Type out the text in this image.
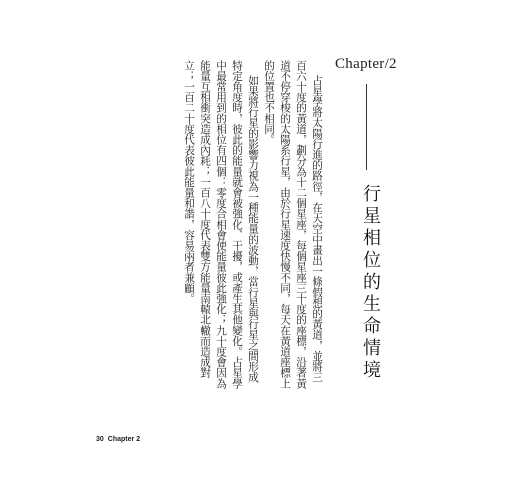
Chapter/2
行星相位的生命情境

占星學將太陽行進的路徑，在天空中畫出一條假想的黃道，並將三百六十度的黃道，劃分為十二個星座，每個星座三十度的座標，沿著黃道不停穿梭的太陽系行星，由於行星速度快慢不同，每天在黃道座標上的位置也不相同。

如果將行星的影響力視為一種能量的波動，當行星與行星之間形成特定角度時，彼此的能量就會被強化、干擾，或產生其他變化。占星學中最常用到的相位有四個：零度合相會使能量彼此強化；九十度會因為能量互相衝突造成內耗；一百八十度代表雙方能量南轅北轍而造成對立；一百二十度代表彼此能量和諧，容易兩者兼顧。

30 Chapter 2
